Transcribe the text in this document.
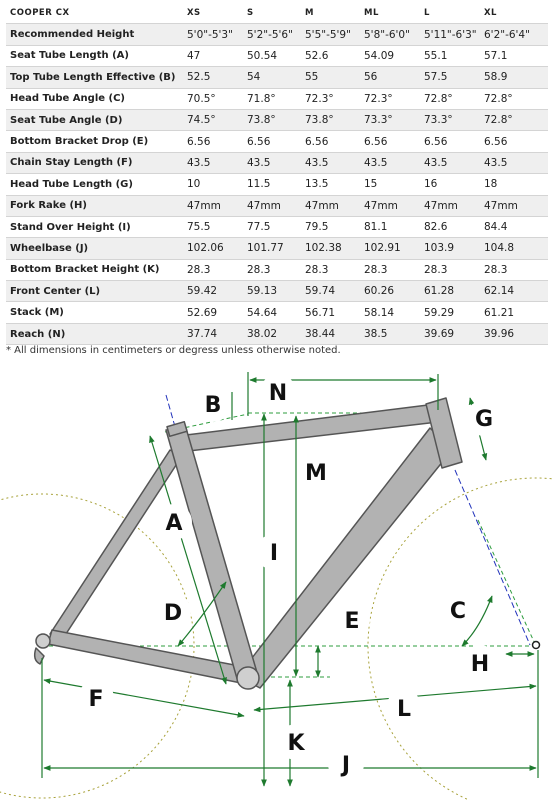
COOPER CX	XS	S	M	ML	L	XL
Recommended Height	5'0"-5'3"	5'2"-5'6"	5'5"-5'9"	5'8"-6'0"	5'11"-6'3"	6'2"-6'4"
Seat Tube Length (A)	47	50.54	52.6	54.09	55.1	57.1
Top Tube Length Effective (B)	52.5	54	55	56	57.5	58.9
Head Tube Angle (C)	70.5°	71.8°	72.3°	72.3°	72.8°	72.8°
Seat Tube Angle (D)	74.5°	73.8°	73.8°	73.3°	73.3°	72.8°
Bottom Bracket Drop (E)	6.56	6.56	6.56	6.56	6.56	6.56
Chain Stay Length (F)	43.5	43.5	43.5	43.5	43.5	43.5
Head Tube Length (G)	10	11.5	13.5	15	16	18
Fork Rake (H)	47mm	47mm	47mm	47mm	47mm	47mm
Stand Over Height (I)	75.5	77.5	79.5	81.1	82.6	84.4
Wheelbase (J)	102.06	101.77	102.38	102.91	103.9	104.8
Bottom Bracket Height (K)	28.3	28.3	28.3	28.3	28.3	28.3
Front Center (L)	59.42	59.13	59.74	60.26	61.28	62.14
Stack (M)	52.69	54.64	56.71	58.14	59.29	61.21
Reach (N)	37.74	38.02	38.44	38.5	39.69	39.96
* All dimensions in centimeters or degress unless otherwise noted.
B N
G
M
A
I
D	E	C
H
F	L
K
J
